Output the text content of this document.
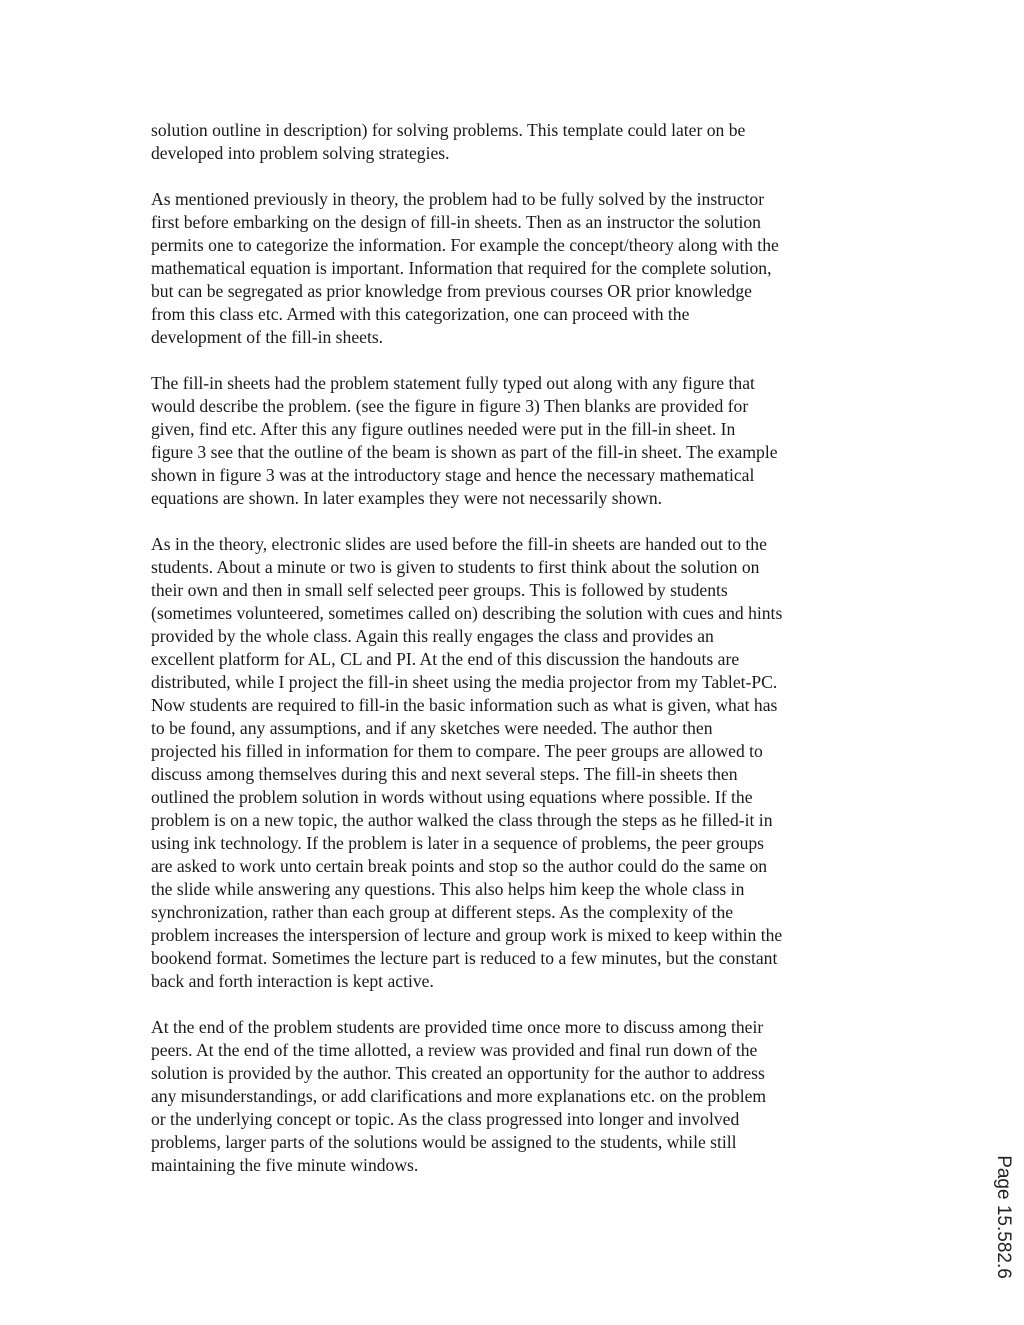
solution outline in description) for solving problems. This template could later on be
developed into problem solving strategies.
As mentioned previously in theory, the problem had to be fully solved by the instructor
first before embarking on the design of fill-in sheets. Then as an instructor the solution
permits one to categorize the information. For example the concept/theory along with the
mathematical equation is important. Information that required for the complete solution,
but can be segregated as prior knowledge from previous courses OR prior knowledge
from this class etc. Armed with this categorization, one can proceed with the
development of the fill-in sheets.
The fill-in sheets had the problem statement fully typed out along with any figure that
would describe the problem. (see the figure in figure 3) Then blanks are provided for
given, find etc. After this any figure outlines needed were put in the fill-in sheet. In
figure 3 see that the outline of the beam is shown as part of the fill-in sheet. The example
shown in figure 3 was at the introductory stage and hence the necessary mathematical
equations are shown. In later examples they were not necessarily shown.
As in the theory, electronic slides are used before the fill-in sheets are handed out to the
students. About a minute or two is given to students to first think about the solution on
their own and then in small self selected peer groups. This is followed by students
(sometimes volunteered, sometimes called on) describing the solution with cues and hints
provided by the whole class. Again this really engages the class and provides an
excellent platform for AL, CL and PI. At the end of this discussion the handouts are
distributed, while I project the fill-in sheet using the media projector from my Tablet-PC.
Now students are required to fill-in the basic information such as what is given, what has
to be found, any assumptions, and if any sketches were needed. The author then
projected his filled in information for them to compare. The peer groups are allowed to
discuss among themselves during this and next several steps. The fill-in sheets then
outlined the problem solution in words without using equations where possible. If the
problem is on a new topic, the author walked the class through the steps as he filled-it in
using ink technology. If the problem is later in a sequence of problems, the peer groups
are asked to work unto certain break points and stop so the author could do the same on
the slide while answering any questions. This also helps him keep the whole class in
synchronization, rather than each group at different steps. As the complexity of the
problem increases the interspersion of lecture and group work is mixed to keep within the
bookend format. Sometimes the lecture part is reduced to a few minutes, but the constant
back and forth interaction is kept active.
At the end of the problem students are provided time once more to discuss among their
peers. At the end of the time allotted, a review was provided and final run down of the
solution is provided by the author. This created an opportunity for the author to address
any misunderstandings, or add clarifications and more explanations etc. on the problem
or the underlying concept or topic. As the class progressed into longer and involved
problems, larger parts of the solutions would be assigned to the students, while still
maintaining the five minute windows.	Page 15.582.6
